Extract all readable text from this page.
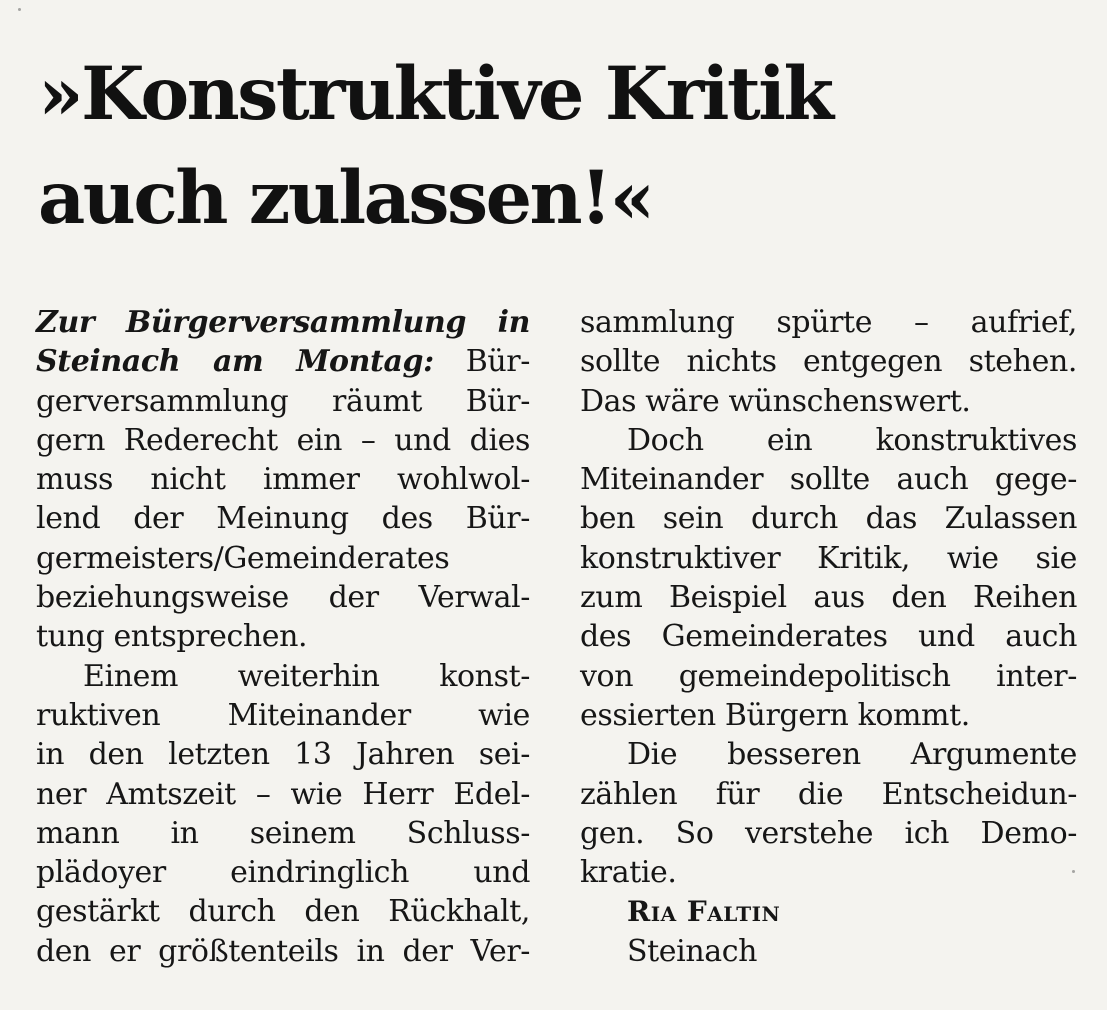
»Konstruktive Kritik
auch zulassen!«
Zur Bürgerversammlung in
Steinach am Montag: Bür-
gerversammlung räumt Bür-
gern Rederecht ein – und dies
muss nicht immer wohlwol-
lend der Meinung des Bür-
germeisters/Gemeinderates
beziehungsweise der Verwal-
tung entsprechen.
Einem weiterhin konst-
ruktiven Miteinander wie
in den letzten 13 Jahren sei-
ner Amtszeit – wie Herr Edel-
mann in seinem Schluss-
plädoyer eindringlich und
gestärkt durch den Rückhalt,
den er größtenteils in der Ver-
sammlung spürte – aufrief,
sollte nichts entgegen stehen.
Das wäre wünschenswert.
Doch ein konstruktives
Miteinander sollte auch gege-
ben sein durch das Zulassen
konstruktiver Kritik, wie sie
zum Beispiel aus den Reihen
des Gemeinderates und auch
von gemeindepolitisch inter-
essierten Bürgern kommt.
Die besseren Argumente
zählen für die Entscheidun-
gen. So verstehe ich Demo-
kratie.
Ria Faltin
Steinach
